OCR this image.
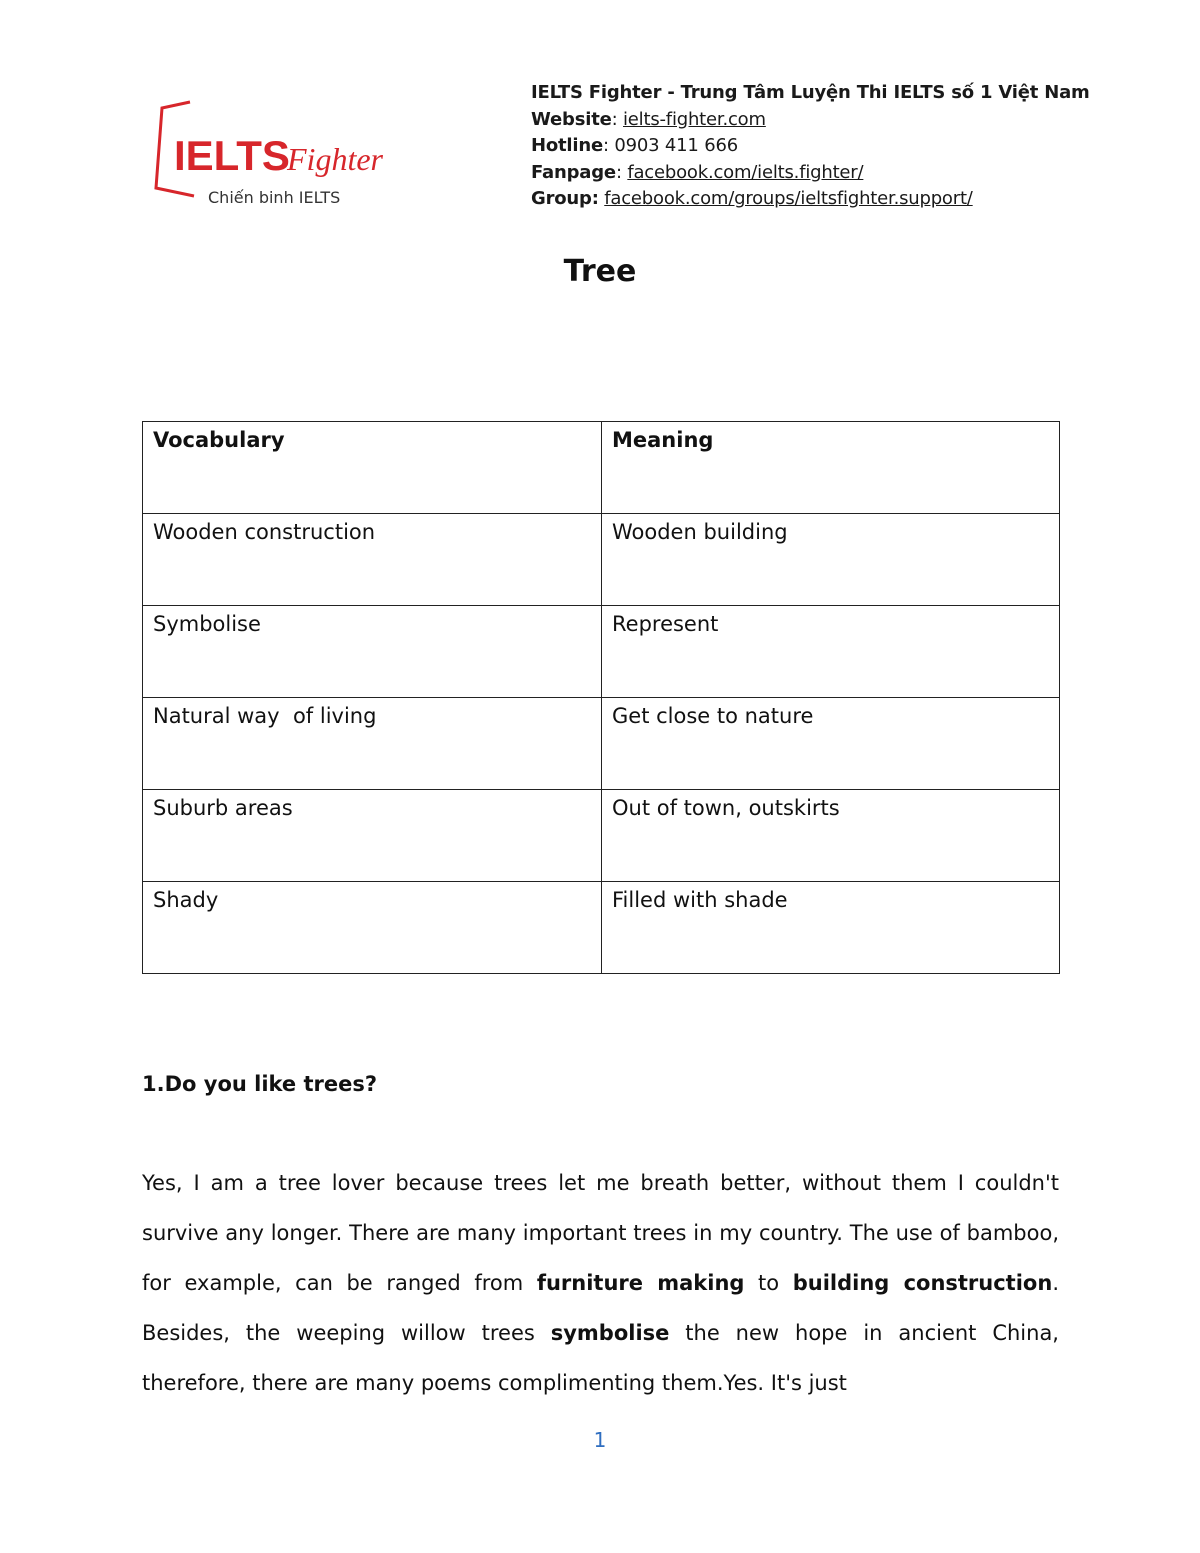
IELTS
Fighter
Chiến binh IELTS
IELTS Fighter - Trung Tâm Luyện Thi IELTS số 1 Việt Nam
Website: ielts-fighter.com
Hotline: 0903 411 666
Fanpage: facebook.com/ielts.fighter/
Group: facebook.com/groups/ieltsfighter.support/
Tree
Vocabulary	Meaning
Wooden construction	Wooden building
Symbolise	Represent
Natural way  of living	Get close to nature
Suburb areas	Out of town, outskirts
Shady	Filled with shade

1.Do you like trees?

Yes, I am a tree lover because trees let me breath better, without them I couldn't survive any longer. There are many important trees in my country. The use of bamboo, for example, can be ranged from furniture making to building construction. Besides, the weeping willow trees symbolise the new hope in ancient China, therefore, there are many poems complimenting them.Yes. It's just

1
